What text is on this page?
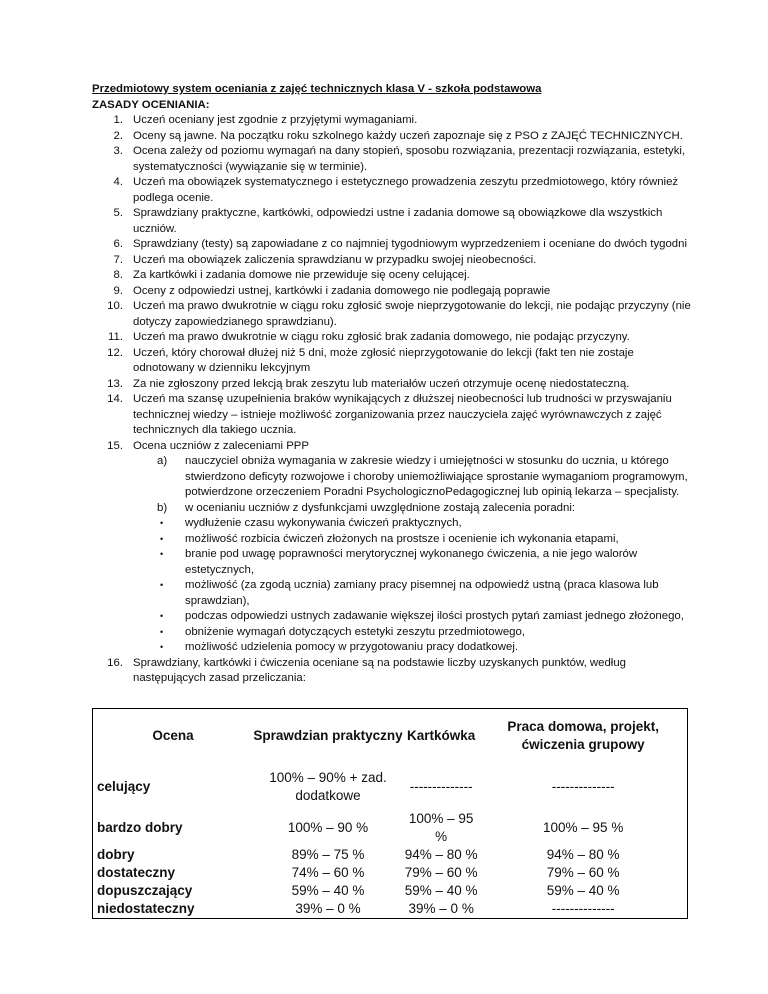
Przedmiotowy system oceniania z zajęć technicznych klasa V - szkoła podstawowa
ZASADY OCENIANIA:
1. Uczeń oceniany jest zgodnie z przyjętymi wymaganiami.
2. Oceny są jawne. Na początku roku szkolnego każdy uczeń zapoznaje się z PSO z ZAJĘĆ TECHNICZNYCH.
3. Ocena zależy od poziomu wymagań na dany stopień, sposobu rozwiązania, prezentacji rozwiązania, estetyki, systematyczności (wywiązanie się w terminie).
4. Uczeń ma obowiązek systematycznego i estetycznego prowadzenia zeszytu przedmiotowego, który również podlega ocenie.
5. Sprawdziany praktyczne, kartkówki, odpowiedzi ustne i zadania domowe są obowiązkowe dla wszystkich uczniów.
6. Sprawdziany (testy) są zapowiadane z co najmniej tygodniowym wyprzedzeniem i oceniane do dwóch tygodni
7. Uczeń ma obowiązek zaliczenia sprawdzianu w przypadku swojej nieobecności.
8. Za kartkówki i zadania domowe nie przewiduje się oceny celującej.
9. Oceny z odpowiedzi ustnej, kartkówki i zadania domowego nie podlegają poprawie
10. Uczeń ma prawo dwukrotnie w ciągu roku zgłosić swoje nieprzygotowanie do lekcji, nie podając przyczyny (nie dotyczy zapowiedzianego sprawdzianu).
11. Uczeń ma prawo dwukrotnie w ciągu roku zgłosić brak zadania domowego, nie podając przyczyny.
12. Uczeń, który chorował dłużej niż 5 dni, może zgłosić nieprzygotowanie do lekcji (fakt ten nie zostaje odnotowany w dzienniku lekcyjnym
13. Za nie zgłoszony przed lekcją brak zeszytu lub materiałów uczeń otrzymuje ocenę niedostateczną.
14. Uczeń ma szansę uzupełnienia braków wynikających z dłuższej nieobecności lub trudności w przyswajaniu technicznej wiedzy – istnieje możliwość zorganizowania przez nauczyciela zajęć wyrównawczych z zajęć technicznych dla takiego ucznia.
15. Ocena uczniów z zaleceniami PPP
a) nauczyciel obniża wymagania w zakresie wiedzy i umiejętności w stosunku do ucznia, u którego stwierdzono deficyty rozwojowe i choroby uniemożliwiające sprostanie wymaganiom programowym, potwierdzone orzeczeniem Poradni PsychologicznoPedagogicznej lub opinią lekarza – specjalisty.
b) w ocenianiu uczniów z dysfunkcjami uwzględnione zostają zalecenia poradni:
• wydłużenie czasu wykonywania ćwiczeń praktycznych,
• możliwość rozbicia ćwiczeń złożonych na prostsze i ocenienie ich wykonania etapami,
• branie pod uwagę poprawności merytorycznej wykonanego ćwiczenia, a nie jego walorów estetycznych,
• możliwość (za zgodą ucznia) zamiany pracy pisemnej na odpowiedź ustną (praca klasowa lub sprawdzian),
• podczas odpowiedzi ustnych zadawanie większej ilości prostych pytań zamiast jednego złożonego,
• obniżenie wymagań dotyczących estetyki zeszytu przedmiotowego,
• możliwość udzielenia pomocy w przygotowaniu pracy dodatkowej.
16. Sprawdziany, kartkówki i ćwiczenia oceniane są na podstawie liczby uzyskanych punktów, według następujących zasad przeliczania:
Ocena	Sprawdzian praktyczny	Kartkówka	Praca domowa, projekt, ćwiczenia grupowy
celujący	100% – 90% + zad. dodatkowe	--------------	--------------
bardzo dobry	100% – 90 %	100% – 95 %	100% – 95 %
dobry	89% – 75 %	94% – 80 %	94% – 80 %
dostateczny	74% – 60 %	79% – 60 %	79% – 60 %
dopuszczający	59% – 40 %	59% – 40 %	59% – 40 %
niedostateczny	39% – 0 %	39% – 0 %	--------------
